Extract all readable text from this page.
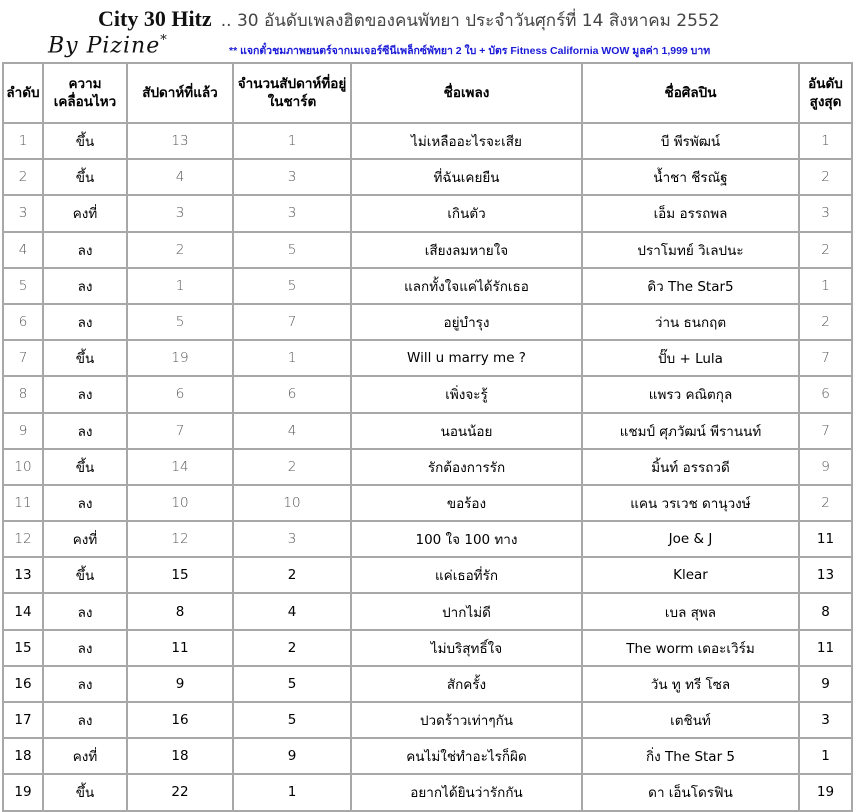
City 30 Hitz .. 30 อันดับเพลงฮิตของคนพัทยา ประจำวันศุกร์ที่ 14 สิงหาคม 2552
By Pizine*
** แจกตั๋วชมภาพยนตร์จากเมเจอร์ซีนีเพล็กซ์พัทยา 2 ใบ + บัตร Fitness California WOW มูลค่า 1,999 บาท
ลำดับ	ความเคลื่อนไหว	สัปดาห์ที่แล้ว	จำนวนสัปดาห์ที่อยู่ในชาร์ต	ชื่อเพลง	ชื่อศิลปิน	อันดับสูงสุด
1	ขึ้น	13	1	ไม่เหลืออะไรจะเสีย	บี พีรพัฒน์	1
2	ขึ้น	4	3	ที่ฉันเคยยืน	น้ำชา ชีรณัฐ	2
3	คงที่	3	3	เกินตัว	เอ็ม อรรถพล	3
4	ลง	2	5	เสียงลมหายใจ	ปราโมทย์ วิเลปนะ	2
5	ลง	1	5	แลกทั้งใจแค่ได้รักเธอ	ดิว The Star5	1
6	ลง	5	7	อยู่บำรุง	ว่าน ธนกฤต	2
7	ขึ้น	19	1	Will u marry me ?	ปั๊บ + Lula	7
8	ลง	6	6	เพิ่งจะรู้	แพรว คณิตกุล	6
9	ลง	7	4	นอนน้อย	แชมป์ ศุภวัฒน์ พีรานนท์	7
10	ขึ้น	14	2	รักต้องการรัก	มิ้นท์ อรรถวดี	9
11	ลง	10	10	ขอร้อง	แคน วรเวช ดานุวงษ์	2
12	คงที่	12	3	100 ใจ 100 ทาง	Joe & J	11
13	ขึ้น	15	2	แค่เธอที่รัก	Klear	13
14	ลง	8	4	ปากไม่ดี	เบล สุพล	8
15	ลง	11	2	ไม่บริสุทธิ์ใจ	The worm เดอะเวิร์ม	11
16	ลง	9	5	สักครั้ง	วัน ทู ทรี โซล	9
17	ลง	16	5	ปวดร้าวเท่าๆกัน	เตชินท์	3
18	คงที่	18	9	คนไม่ใช่ทำอะไรก็ผิด	กิ่ง The Star 5	1
19	ขึ้น	22	1	อยากได้ยินว่ารักกัน	ดา เอ็นโดรฟิน	19
